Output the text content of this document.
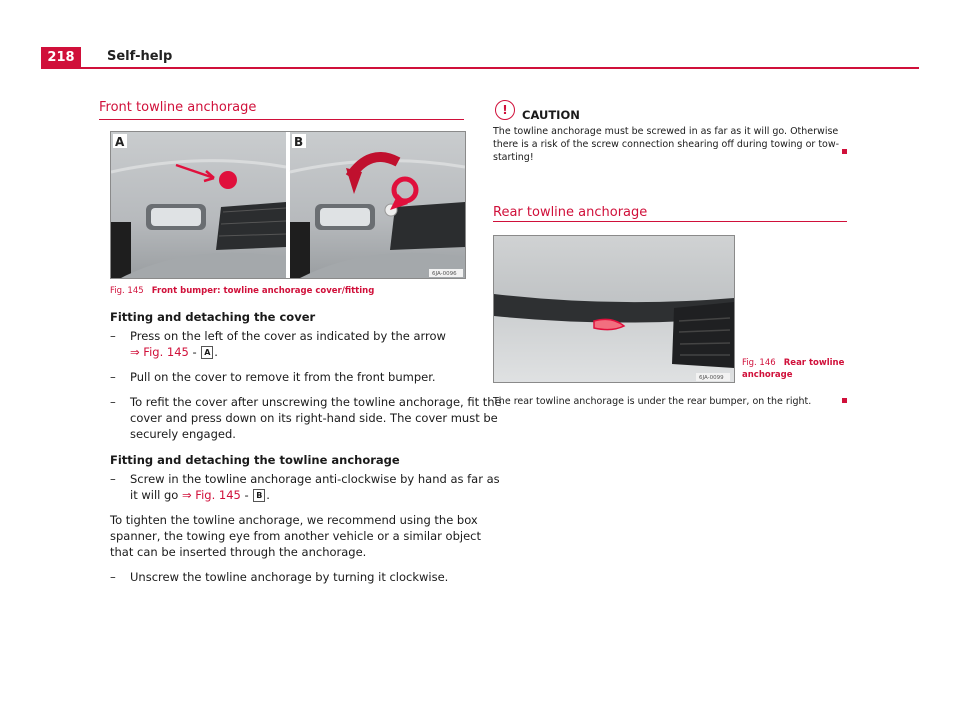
218	Self-help
Front towline anchorage
A	B
6JA-0096
Fig. 145 Front bumper: towline anchorage cover/fitting
Fitting and detaching the cover
– Press on the left of the cover as indicated by the arrow
⇒ Fig. 145 - A .
– Pull on the cover to remove it from the front bumper.
– To refit the cover after unscrewing the towline anchorage, fit the
cover and press down on its right-hand side. The cover must be
securely engaged.
Fitting and detaching the towline anchorage
– Screw in the towline anchorage anti-clockwise by hand as far as
it will go ⇒ Fig. 145 - B .
To tighten the towline anchorage, we recommend using the box
spanner, the towing eye from another vehicle or a similar object
that can be inserted through the anchorage.
– Unscrew the towline anchorage by turning it clockwise.
!	CAUTION
The towline anchorage must be screwed in as far as it will go. Otherwise
there is a risk of the screw connection shearing off during towing or tow-
starting!
Rear towline anchorage
6JA-0099
Fig. 146 Rear towline
anchorage
The rear towline anchorage is under the rear bumper, on the right.
